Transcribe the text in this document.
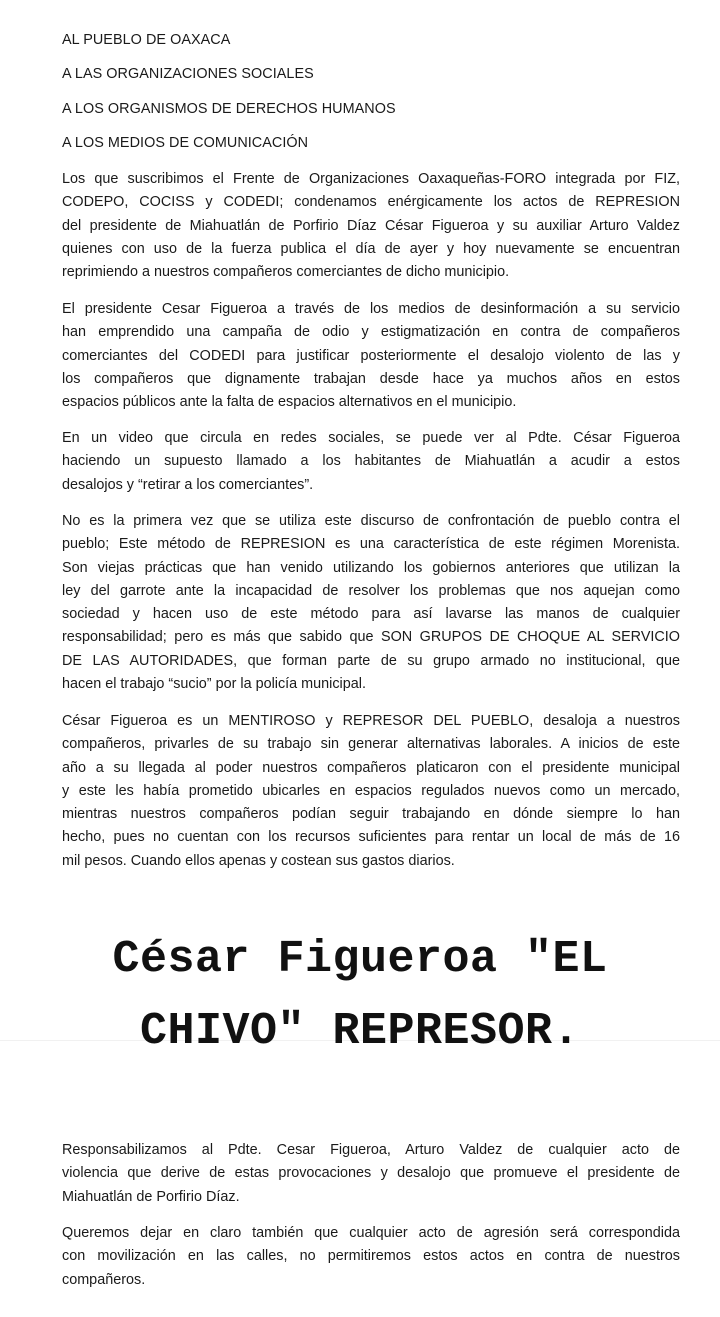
AL PUEBLO DE OAXACA

A LAS ORGANIZACIONES SOCIALES

A LOS ORGANISMOS DE DERECHOS HUMANOS

A LOS MEDIOS DE COMUNICACIÓN

Los que suscribimos el Frente de Organizaciones Oaxaqueñas-FORO integrada por FIZ,
CODEPO, COCISS y CODEDI; condenamos enérgicamente los actos de REPRESION
del presidente de Miahuatlán de Porfirio Díaz César Figueroa y su auxiliar Arturo Valdez
quienes con uso de la fuerza publica el día de ayer y hoy nuevamente se encuentran
reprimiendo a nuestros compañeros comerciantes de dicho municipio.
El presidente Cesar Figueroa a través de los medios de desinformación a su servicio
han emprendido una campaña de odio y estigmatización en contra de compañeros
comerciantes del CODEDI para justificar posteriormente el desalojo violento de las y
los compañeros que dignamente trabajan desde hace ya muchos años en estos
espacios públicos ante la falta de espacios alternativos en el municipio.
En un video que circula en redes sociales, se puede ver al Pdte. César Figueroa
haciendo un supuesto llamado a los habitantes de Miahuatlán a acudir a estos
desalojos y “retirar a los comerciantes”.
No es la primera vez que se utiliza este discurso de confrontación de pueblo contra el
pueblo; Este método de REPRESION es una característica de este régimen Morenista.
Son viejas prácticas que han venido utilizando los gobiernos anteriores que utilizan la
ley del garrote ante la incapacidad de resolver los problemas que nos aquejan como
sociedad y hacen uso de este método para así lavarse las manos de cualquier
responsabilidad; pero es más que sabido que SON GRUPOS DE CHOQUE AL SERVICIO
DE LAS AUTORIDADES, que forman parte de su grupo armado no institucional, que
hacen el trabajo “sucio” por la policía municipal.
César Figueroa es un MENTIROSO y REPRESOR DEL PUEBLO, desaloja a nuestros
compañeros, privarles de su trabajo sin generar alternativas laborales. A inicios de este
año a su llegada al poder nuestros compañeros platicaron con el presidente municipal
y este les había prometido ubicarles en espacios regulados nuevos como un mercado,
mientras nuestros compañeros podían seguir trabajando en dónde siempre lo han
hecho, pues no cuentan con los recursos suficientes para rentar un local de más de 16
mil pesos. Cuando ellos apenas y costean sus gastos diarios.

César Figueroa "EL

CHIVO" REPRESOR.

Responsabilizamos al Pdte. Cesar Figueroa, Arturo Valdez de cualquier acto de
violencia que derive de estas provocaciones y desalojo que promueve el presidente de
Miahuatlán de Porfirio Díaz.
Queremos dejar en claro también que cualquier acto de agresión será correspondida
con movilización en las calles, no permitiremos estos actos en contra de nuestros
compañeros.
